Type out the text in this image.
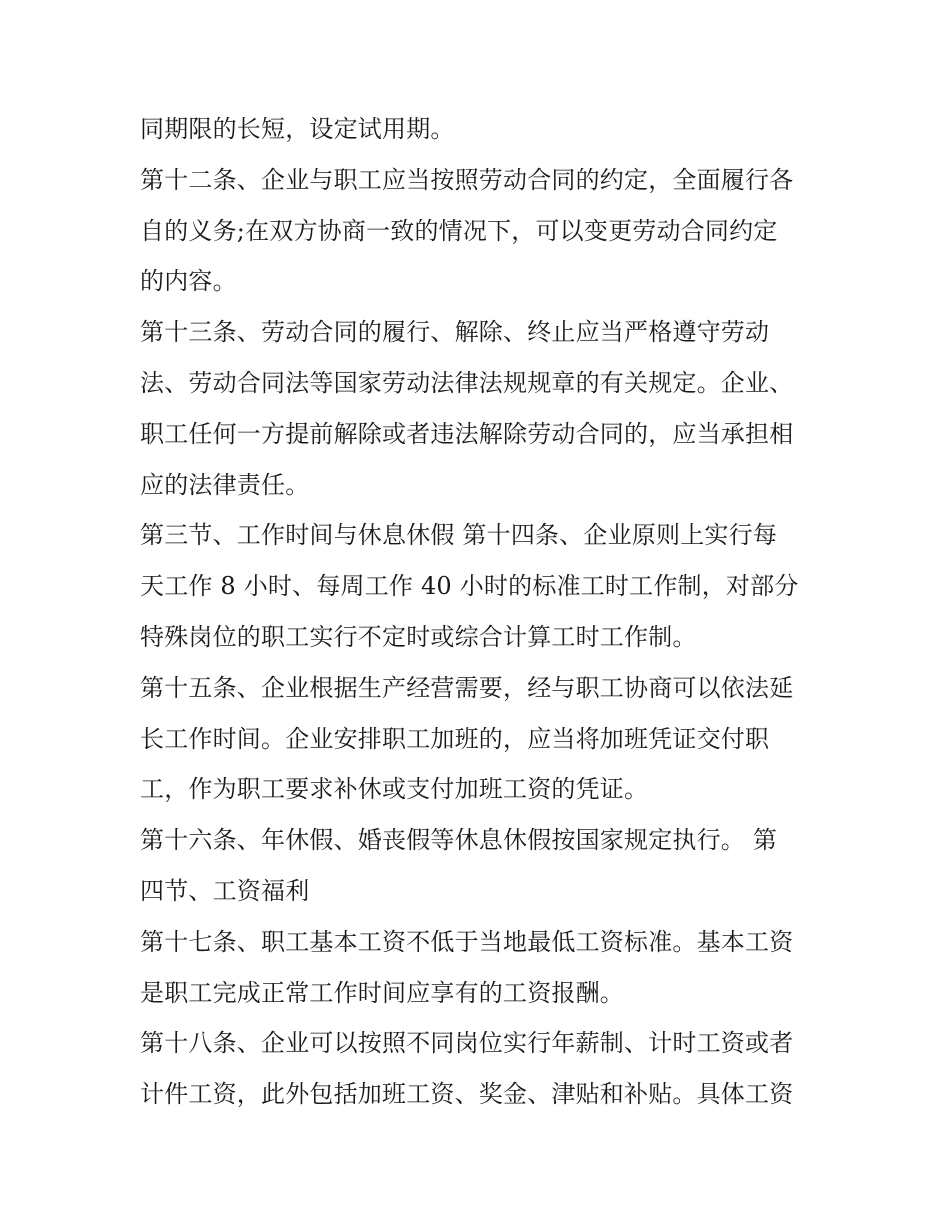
同期限的长短，设定试用期。

第十二条、企业与职工应当按照劳动合同的约定，全面履行各
自的义务;在双方协商一致的情况下，可以变更劳动合同约定
的内容。

第十三条、劳动合同的履行、解除、终止应当严格遵守劳动
法、劳动合同法等国家劳动法律法规规章的有关规定。企业、
职工任何一方提前解除或者违法解除劳动合同的，应当承担相
应的法律责任。

第三节、工作时间与休息休假 第十四条、企业原则上实行每
天工作 8 小时、每周工作 40 小时的标准工时工作制，对部分
特殊岗位的职工实行不定时或综合计算工时工作制。

第十五条、企业根据生产经营需要，经与职工协商可以依法延
长工作时间。企业安排职工加班的，应当将加班凭证交付职
工，作为职工要求补休或支付加班工资的凭证。

第十六条、年休假、婚丧假等休息休假按国家规定执行。 第
四节、工资福利

第十七条、职工基本工资不低于当地最低工资标准。基本工资
是职工完成正常工作时间应享有的工资报酬。

第十八条、企业可以按照不同岗位实行年薪制、计时工资或者
计件工资，此外包括加班工资、奖金、津贴和补贴。具体工资
